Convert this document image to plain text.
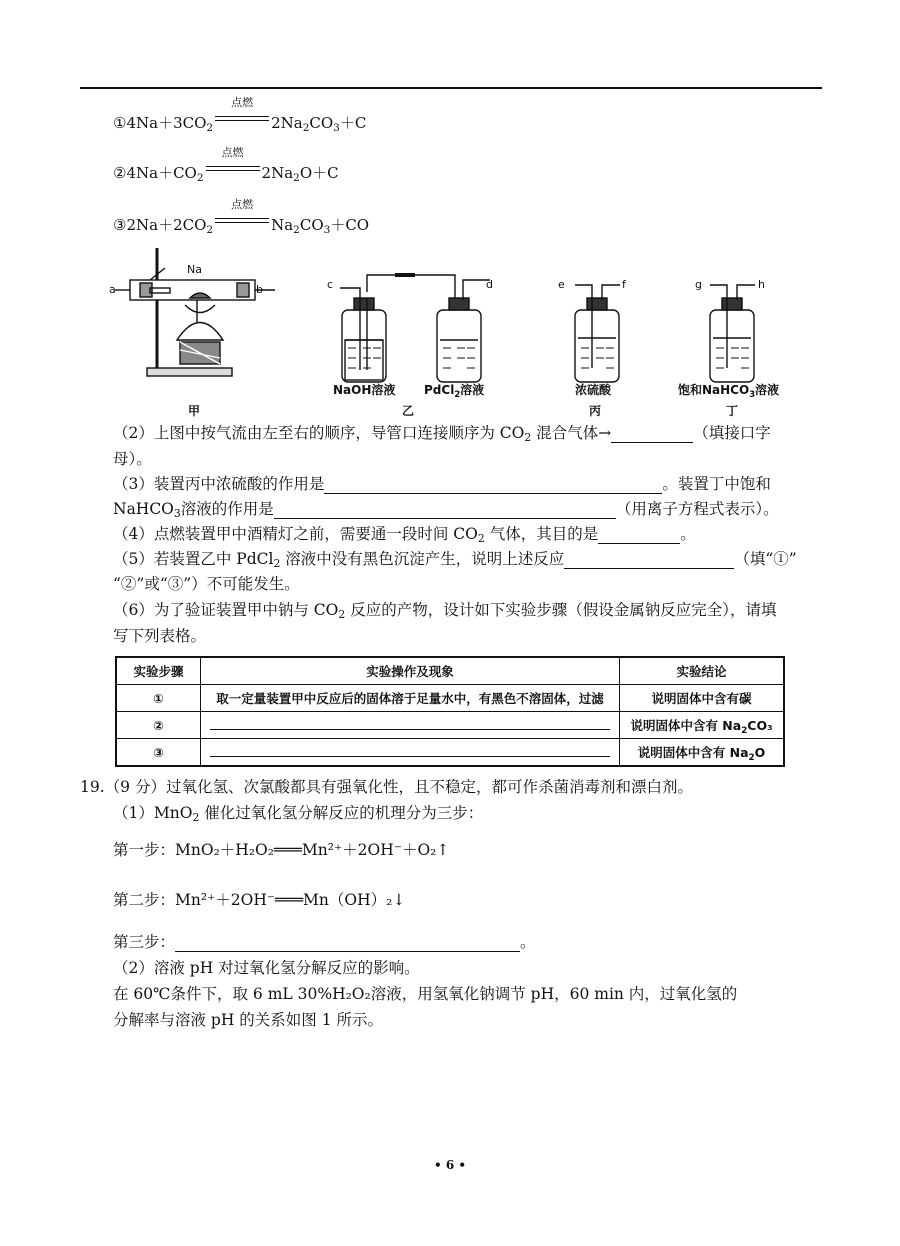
$①4Na+3CO_2$
点燃
$2Na_2CO_3+C$
$②4Na+CO_2$
点燃
$2Na_2O+C$
$③2Na+2CO_2$
点燃
$Na_2CO_3+CO$
a	b
Na
c	d	e	f	g	h
NaOH溶液 PdCl$_2$溶液	浓硫酸	饱和NaHCO$_3$溶液
甲	乙	丙	丁
（2）上图中按气流由左至右的顺序，导管口连接顺序为 $CO_2$ 混合气体→	（填接口字
母）。
（3）装置丙中浓硫酸的作用是	。装置丁中饱和
NaHCO$_3$溶液的作用是	（用离子方程式表示）。
（4）点燃装置甲中酒精灯之前，需要通一段时间 $CO_2$ 气体，其目的是	。
（5）若装置乙中 PdCl$_2$ 溶液中没有黑色沉淀产生，说明上述反应	（填“①”
“②”或“③”）不可能发生。
（6）为了验证装置甲中钠与 $CO_2$ 反应的产物，设计如下实验步骤（假设金属钠反应完全），请填
写下列表格。
实验步骤	实验操作及现象	实验结论
①	取一定量装置甲中反应后的固体溶于足量水中，有黑色不溶固体，过滤	说明固体中含有碳
②		说明固体中含有 $Na_2CO_3$
③		说明固体中含有 $Na_2O$
19.（9 分）过氧化氢、次氯酸都具有强氧化性，且不稳定，都可作杀菌消毒剂和漂白剂。
（1）MnO$_2$ 催化过氧化氢分解反应的机理分为三步：
第一步：MnO₂＋H₂O₂═══Mn²⁺＋2OH⁻＋O₂↑
第二步：Mn²⁺＋2OH⁻═══Mn（OH）₂↓
第三步：	。
（2）溶液 pH 对过氧化氢分解反应的影响。
在 60℃条件下，取 6 mL 30%H₂O₂溶液，用氢氧化钠调节 pH，60 min 内，过氧化氢的
分解率与溶液 pH 的关系如图 1 所示。
• 6 •
